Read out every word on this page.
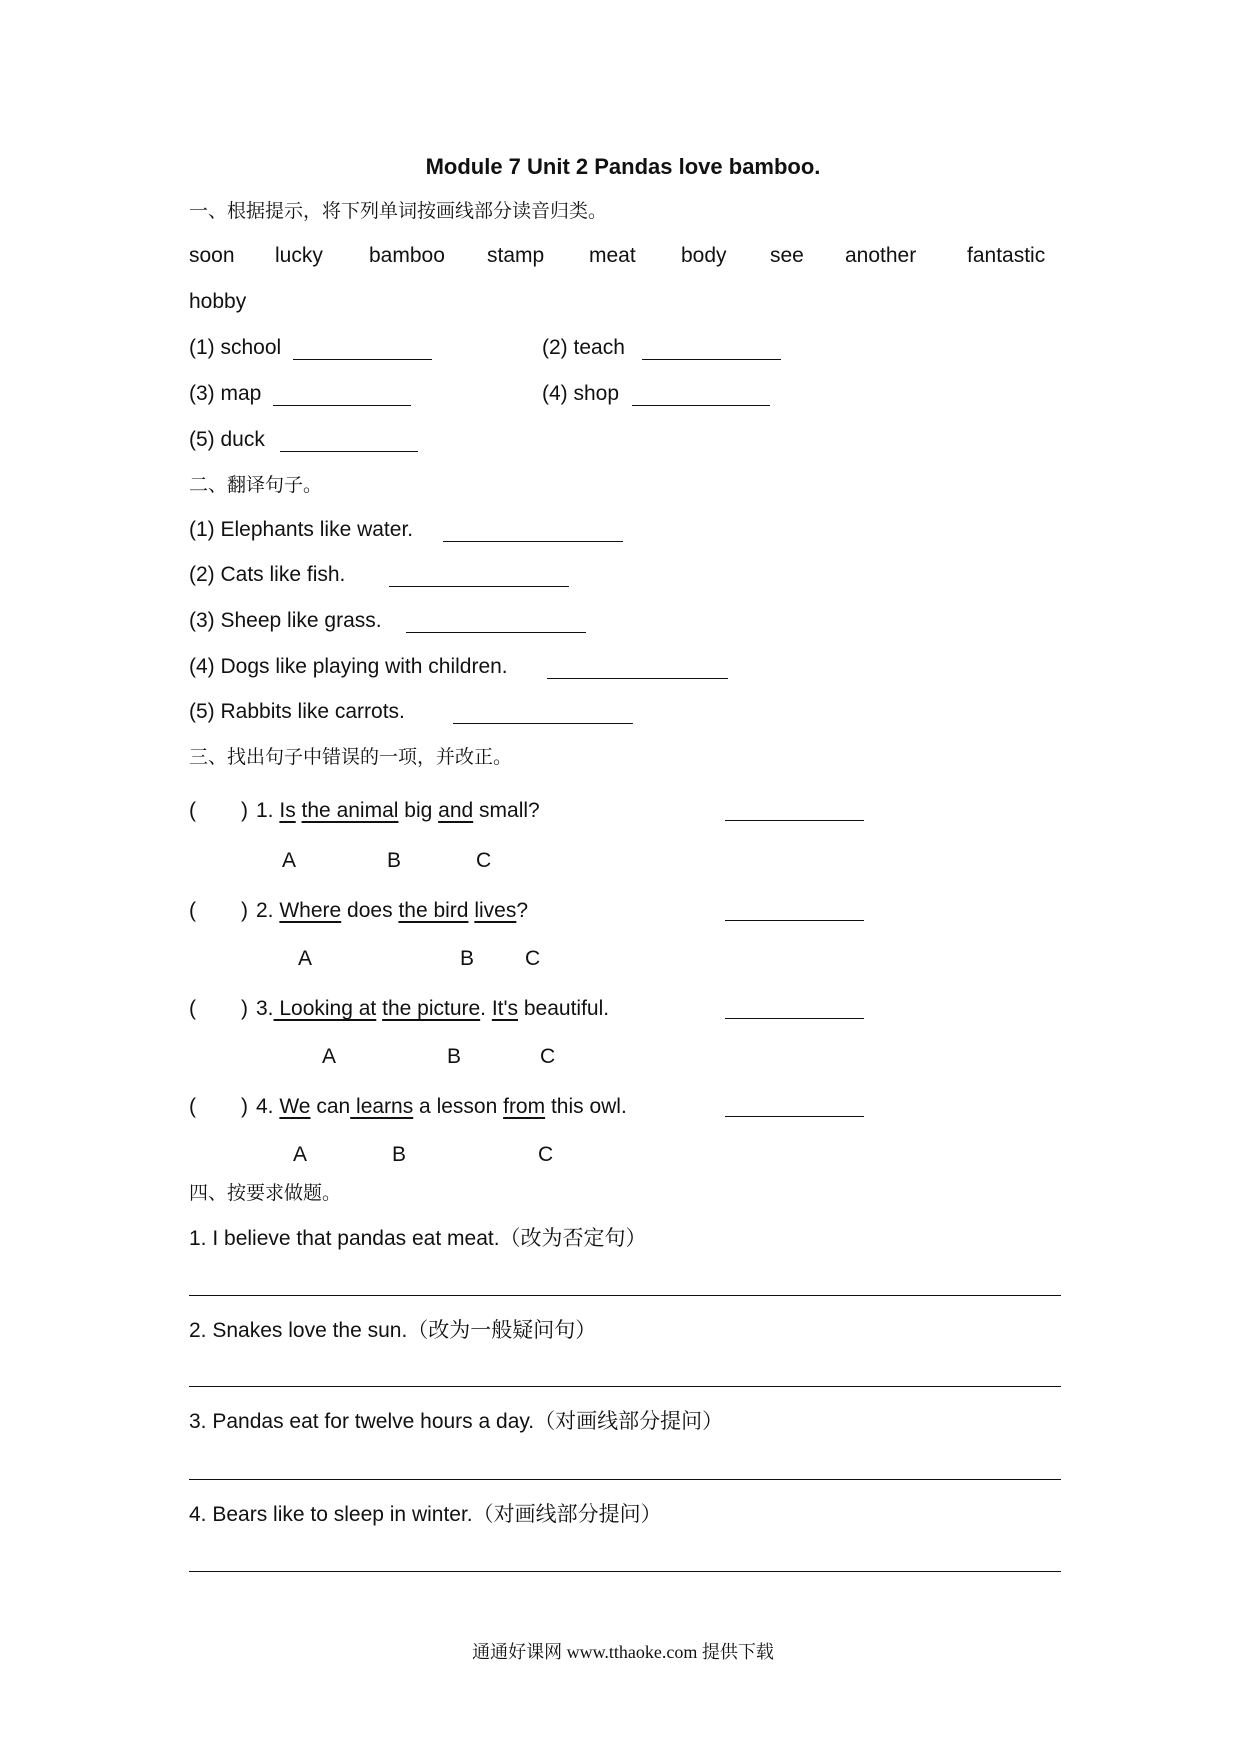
Module 7 Unit 2 Pandas love bamboo.
一、根据提示，将下列单词按画线部分读音归类。
soon lucky bamboo stamp meat body see another fantastic
hobby
(1) school	(2) teach
(3) map	(4) shop
(5) duck
二、翻译句子。
(1) Elephants like water.
(2) Cats like fish.
(3) Sheep like grass.
(4) Dogs like playing with children.
(5) Rabbits like carrots.
三、找出句子中错误的一项，并改正。
( ) 1. Is the animal big and small?
A	B	C
( ) 2. Where does the bird lives?
A	B C
( ) 3. Looking at the picture. It's beautiful.
A	B	C
( ) 4. We can learns a lesson from this owl.
A	B	C
四、按要求做题。
1. I believe that pandas eat meat.（改为否定句）
2. Snakes love the sun.（改为一般疑问句）
3. Pandas eat for twelve hours a day.（对画线部分提问）
4. Bears like to sleep in winter.（对画线部分提问）
通通好课网 www.tthaoke.com 提供下载
